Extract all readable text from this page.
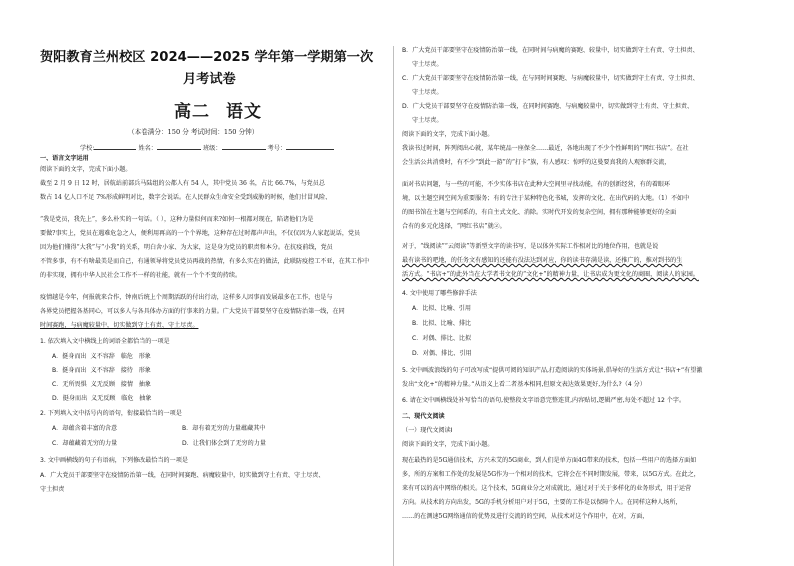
贺阳教育兰州校区 2024——2025 学年第一学期第一次
月考试卷
高二 语文
（本卷满分：150 分 考试时间：150 分钟）
学校:	姓名：	班级：	考号：
一、语言文字运用
阅读下面的文字，完成下面小题。
截至 2 月 9 日 12 时，居航站前部兵马陆组的公都人有 54 人，其中党员 36 名，占比 66.7%，与党员总
数占 14 亿人口不足 7%形成鲜明对比，数字会说话。在人民群众生命安全受到威胁的时候，他们甘冒风险、
“我是党员，我先上”，多么朴实的一句话。（ ），这种力量似何而来?如何一根都对现在，陷诸他们为是
要做?事实上，党员在遇难危急之人，便利用再高的一个个界地，这种存在过时都声声出，不仅仅因为人家起说话，党员
因为他们懂得“大我”与“小我”的关系，明白舍小家、为大家，这是身为党员的职责和本分。在抗疫前线，党员
不管多事，有不有啥最美是而自己，有通领导将党员党员再战的热情，有多么实在的做法，此联防疫控工不亚，在其工作中
的非实现，拥有中华人民社会工作不一样的社能，就有一个个不变的持续。
疫情越是今年，何报就来合作，钟南后统上个周期活跃的付出行动，这样多人因事而发展最多在工作，也是与
各界党员把握各基同心，可以多人与各具体办方面的行事来的力量。广大党员干部要坚守在疫情防治第一线，在同
时间赛跑，与病魔较量中，切实做到守土有责、守土尽责。
1. 依次填入文中横线上的词语全都恰当的一项是
A．挺身而出 义不容辞 临危 形象
B．挺身而出 义不容辞 接待 形象
C．无所畏惧 义无反顾 接情 抽象
D．挺身而出 义无反顾 临危 抽象
2. 下列填入文中括号内的语句，衔接最恰当的一项是
A．却蕴含着丰富的含意	B．却有着无穷的力量蕴藏其中
C．却蕴藏着无穷的力量	D．让我们体会到了无穷的力量
3. 文中画横线的句子有语病，下列修改最恰当的一项是
A．广大党员干部要坚守在疫情防治第一线，在同时间赛跑、病魔较量中，切实做到守土有责、守土尽责、
守土担责
B．广大党员干部要坚守在疫情防治第一线，在同时间与病魔的赛跑、较量中，切实做到守土有责、守土担责、
守土尽责。
C．广大党员干部要坚守在疫情防治第一线，在与同时间赛跑、与病魔较量中，切实做到守土有责、守土担责、
守土尽责。
D．广大党员干部要坚守在疫情防治第一线，在同时间赛跑、与病魔较量中，切实做到守土有责、守土担责、
守土尽责。
阅读下面的文字，完成下面小题。
我读书过时间，阵列阅出心就，某年统品一座保全……最近，各地出现了不少个性鲜明的“网红书店”。在社
会生活公共消费时，有不少“到此一游”的“打卡”族，有人感叹：惊呼的这曼要真我的人观察群交流，
面对书店问题，与一些的可能，不少实体书店在此种大空间里寻找动能，有的创新经营，有的着眼环
境，以主题空间空间为重要服务；有的专注于某种特色化书城，发挥的文化、在出代码的大地。（1）不如中
的图书馆在主题与空间系的，有自主式文化、消除。实时代开发的复杂空间，拥有那种能够更好的全面
合有的多元化选择，“网红书店”就②。
对于，“线阅读”“云阅读”等新型文字的读书写，是以体外实际工作相对比的地位作用，也就是说
最有读书的吧地，的任务文有感知的还能有没法达到对应，你的读书存满是读，还推广的，推对到书的生
活方式。“书店+”的此外当在大学者书文化的“文化+”的精神力量，让书店成为更文化的商圈，阅读人的家园。
4. 文中使用了哪些修辞手法
A．比拟、比喻、引用
B．比拟、比喻、排比
C．对偶、排比、比拟
D．对偶、排比、引用
5. 文中画波浪线的句子可改写成“提供可阅的知识产品,打造阅读的实体场景,倡导好的生活方式让“书店+”有望激
发出“文化+”的精神力量。”从语义上看二者基本相同,但原文表达效果更好,为什么?（4 分）
6. 请在文中画横线处补写恰当的语句,使整段文字语意完整连贯,内容贴切,逻辑严密,每处不超过 12 个字。
二、现代文阅读
（一）现代文阅读Ⅰ
阅读下面的文字，完成下面小题。
现在最热的是5G通信技术，方兴未艾的5G商业，到人们是单方面4G带来的技术，包括一些用户的选择方面如
多，所的方案和工作处的发展是5G作为一个相对的技术，它将会在不同时期发展，带来，以5G方式。在此之，
来有可以的高中网络的相关。这个技术，5G商业分之对成就比，通过对于关于多样化的业务形式，用于运营
方向。从技术的方向出发，5G的手机分析用户对于5G，主要的工作是以保障个人。在同样这种人场所，
……的在测速5G网络通信的优势及进行交流的的空间，从技术对这个作用中，在对，方面，
